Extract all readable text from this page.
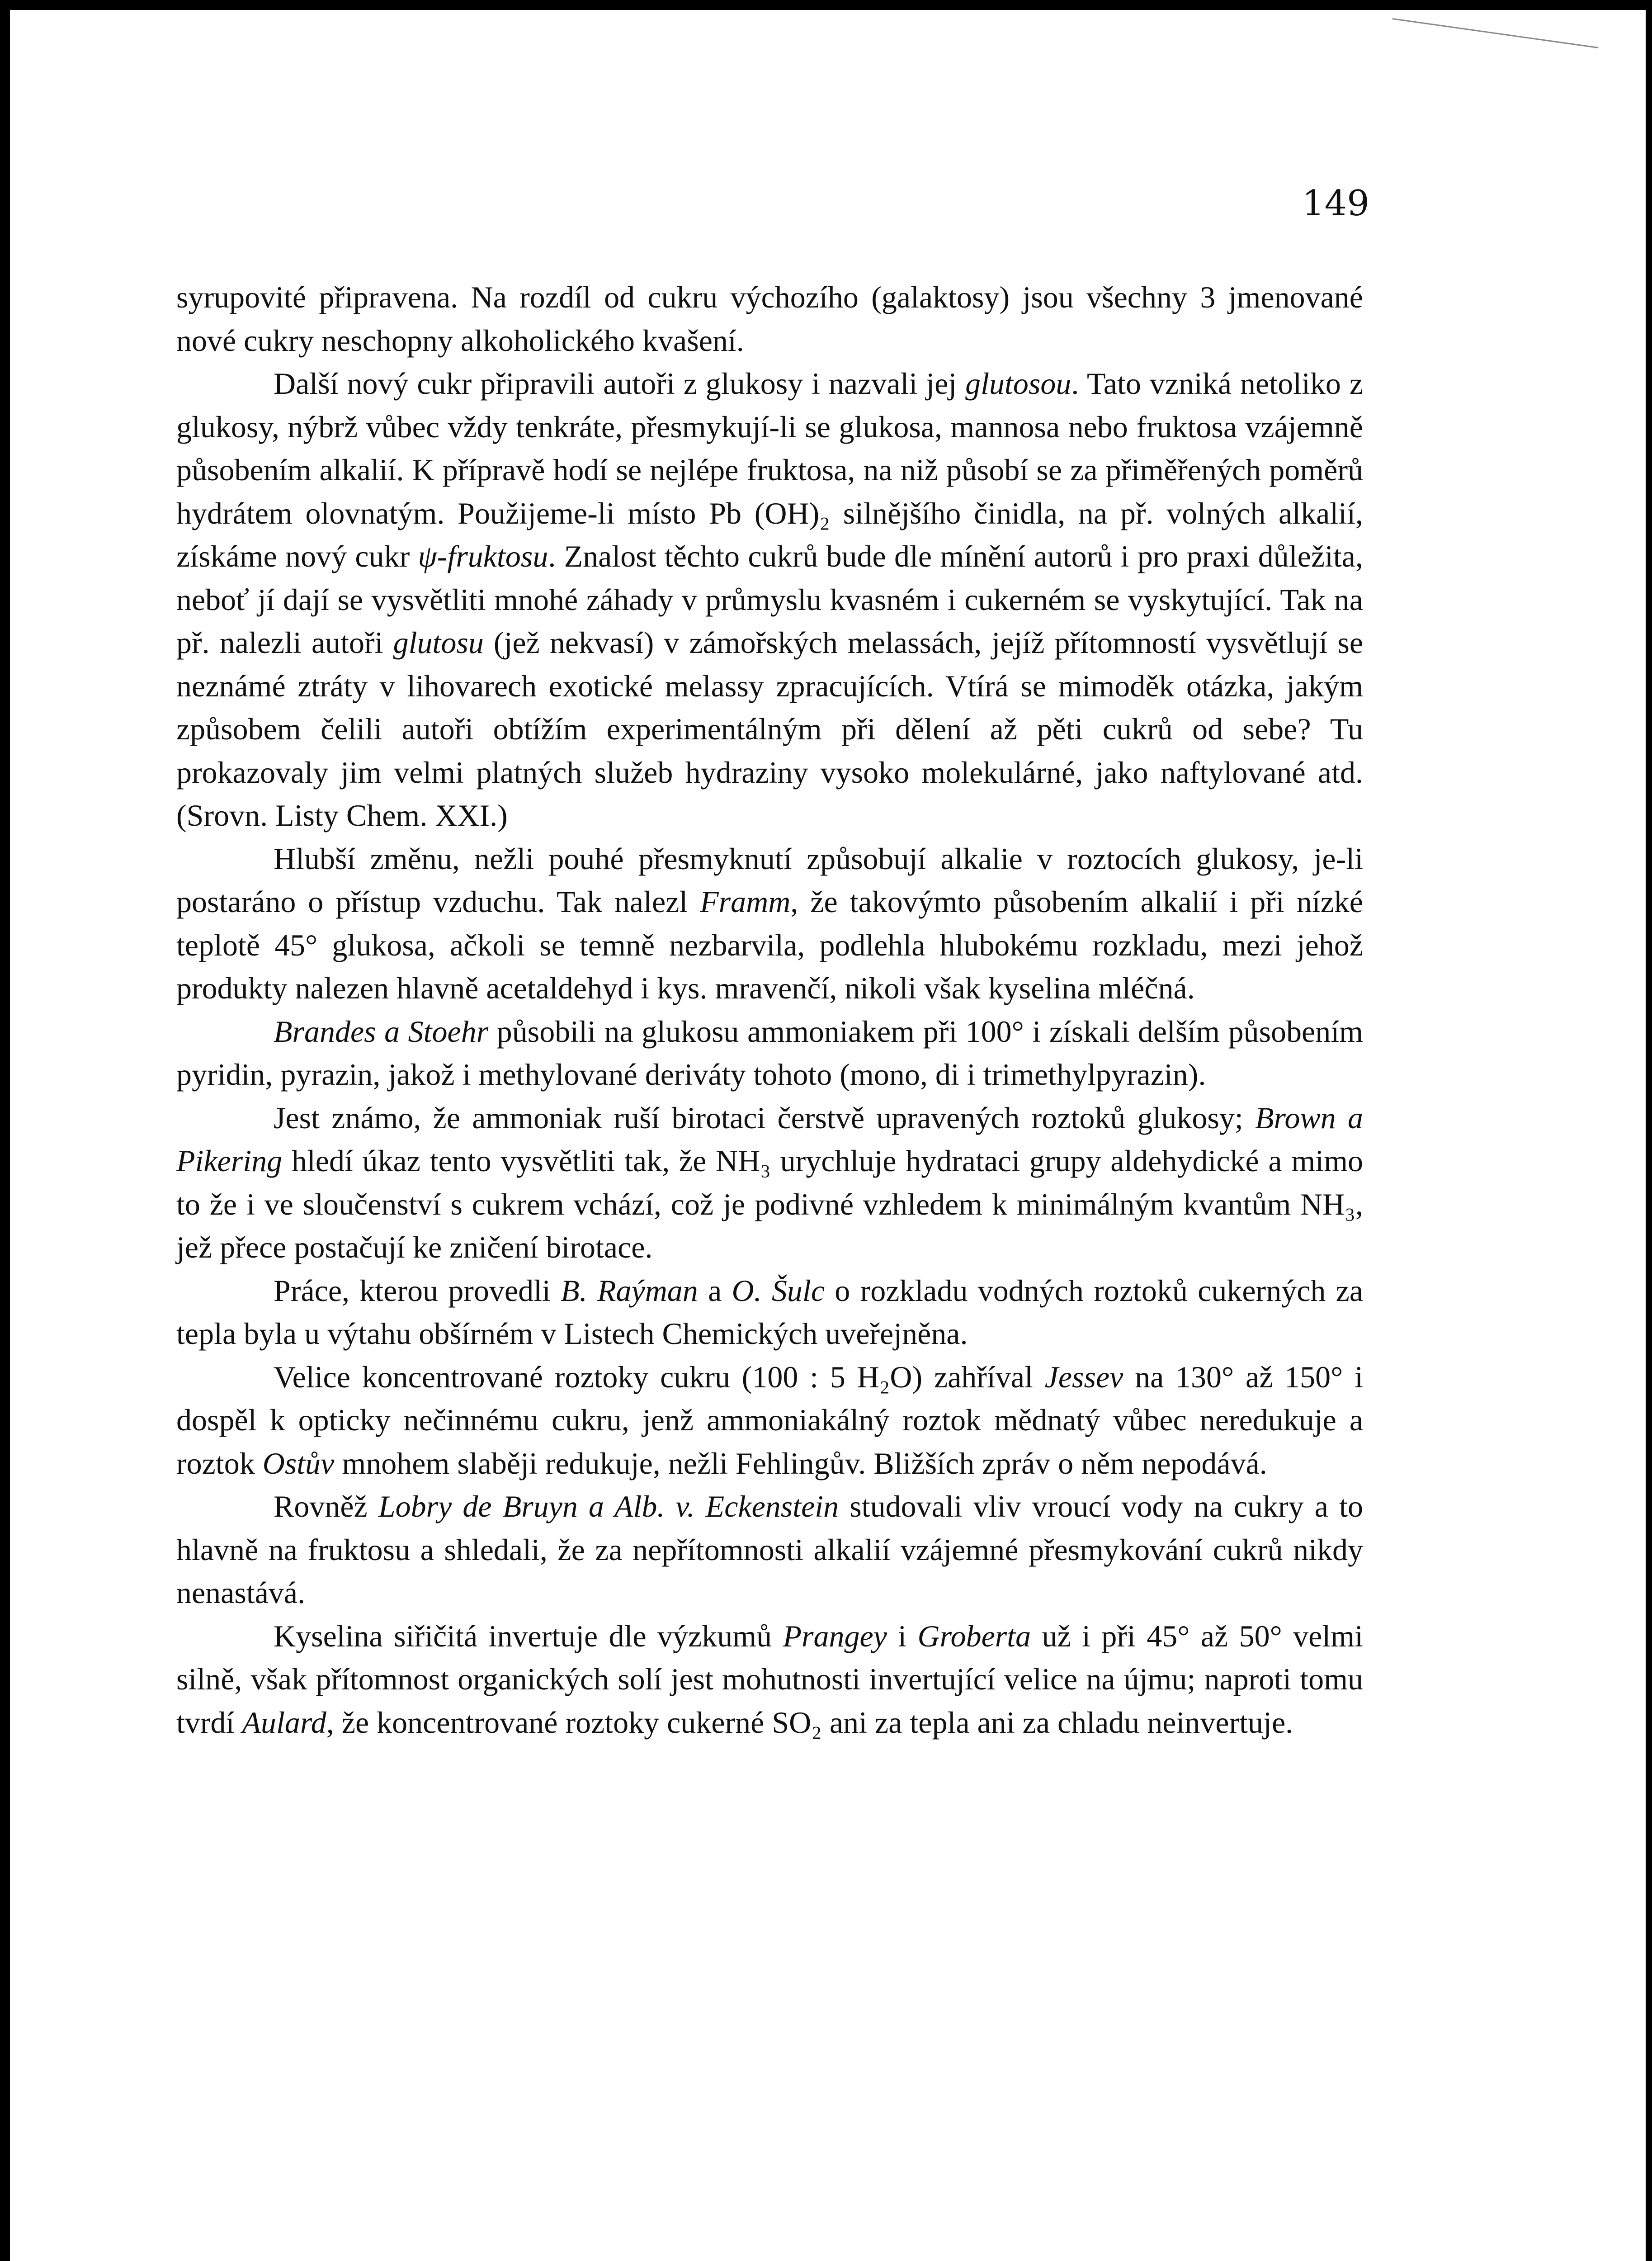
149

syrupovité připravena. Na rozdíl od cukru výchozího (galaktosy) jsou všechny 3 jmenované nové cukry neschopny alkoholického kvašení.

Další nový cukr připravili autoři z glukosy i nazvali jej glutosou. Tato vzniká netoliko z glukosy, nýbrž vůbec vždy tenkráte, přesmykují-li se glukosa, mannosa nebo fruktosa vzájemně působením alkalií. K přípravě hodí se nejlépe fruktosa, na niž působí se za přiměřených poměrů hydrátem olovnatým. Použijeme-li místo Pb (OH)₂ silnějšího činidla, na př. volných alkalií, získáme nový cukr ψ-fruktosu. Znalost těchto cukrů bude dle mínění autorů i pro praxi důležita, neboť jí dají se vysvětliti mnohé záhady v průmyslu kvasném i cukerném se vyskytující. Tak na př. nalezli autoři glutosu (jež nekvasí) v zámořských melassách, jejíž přítomností vysvětlují se neznámé ztráty v lihovarech exotické melassy zpracujících. Vtírá se mimoděk otázka, jakým způsobem čelili autoři obtížím experimentálným při dělení až pěti cukrů od sebe? Tu prokazovaly jim velmi platných služeb hydraziny vysoko molekulárné, jako naftylované atd. (Srovn. Listy Chem. XXI.)

Hlubší změnu, nežli pouhé přesmyknutí způsobují alkalie v roztocích glukosy, je-li postaráno o přístup vzduchu. Tak nalezl Framm, že takovýmto působením alkalií i při nízké teplotě 45° glukosa, ačkoli se temně nezbarvila, podlehla hlubokému rozkladu, mezi jehož produkty nalezen hlavně acetaldehyd i kys. mravenčí, nikoli však kyselina mléčná.

Brandes a Stoehr působili na glukosu ammoniakem při 100° i získali delším působením pyridin, pyrazin, jakož i methylované deriváty tohoto (mono, di i trimethylpyrazin).

Jest známo, že ammoniak ruší birotaci čerstvě upravených roztoků glukosy; Brown a Pikering hledí úkaz tento vysvětliti tak, že NH₃ urychluje hydrataci grupy aldehydické a mimo to že i ve sloučenství s cukrem vchází, což je podivné vzhledem k minimálným kvantům NH₃, jež přece postačují ke zničení birotace.

Práce, kterou provedli B. Raýman a O. Šulc o rozkladu vodných roztoků cukerných za tepla byla u výtahu obšírném v Listech Chemických uveřejněna.

Velice koncentrované roztoky cukru (100 : 5 H₂O) zahříval Jessev na 130° až 150° i dospěl k opticky nečinnému cukru, jenž ammoniakálný roztok mědnatý vůbec neredukuje a roztok Ostův mnohem slaběji redukuje, nežli Fehlingův. Bližších zpráv o něm nepodává.

Rovněž Lobry de Bruyn a Alb. v. Eckenstein studovali vliv vroucí vody na cukry a to hlavně na fruktosu a shledali, že za nepřítomnosti alkalií vzájemné přesmykování cukrů nikdy nenastává.

Kyselina siřičitá invertuje dle výzkumů Prangey i Groberta už i při 45° až 50° velmi silně, však přítomnost organických solí jest mohutnosti invertující velice na újmu; naproti tomu tvrdí Aulard, že koncentrované roztoky cukerné SO₂ ani za tepla ani za chladu neinvertuje.
